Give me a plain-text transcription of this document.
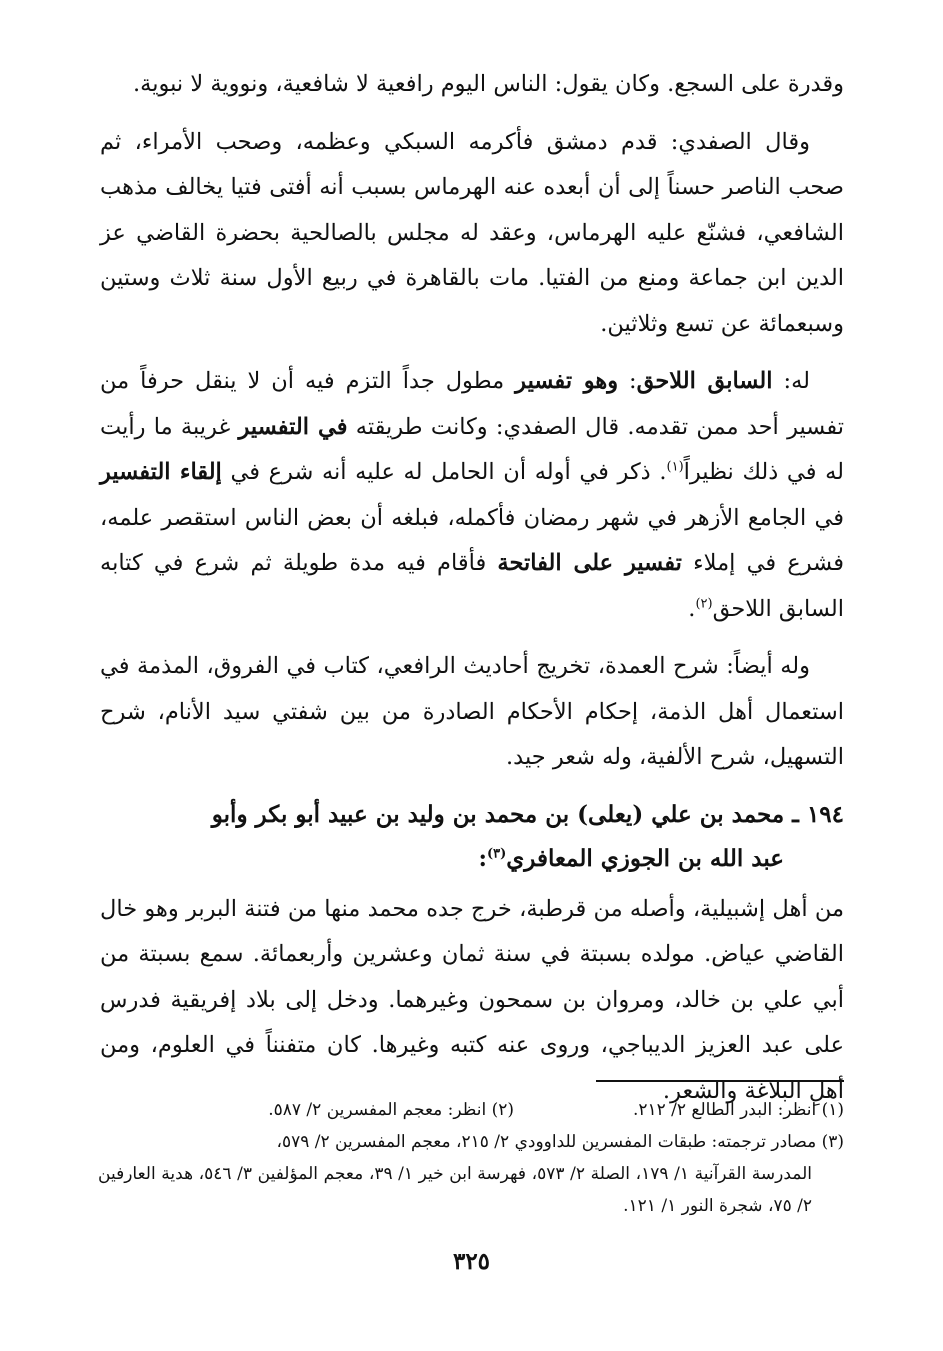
وقدرة على السجع. وكان يقول: الناس اليوم رافعية لا شافعية، ونووية لا نبوية.

وقال الصفدي: قدم دمشق فأكرمه السبكي وعظمه، وصحب الأمراء، ثم صحب الناصر حسناً إلى أن أبعده عنه الهرماس بسبب أنه أفتى فتيا يخالف مذهب الشافعي، فشنّع عليه الهرماس، وعقد له مجلس بالصالحية بحضرة القاضي عز الدين ابن جماعة ومنع من الفتيا. مات بالقاهرة في ربيع الأول سنة ثلاث وستين وسبعمائة عن تسع وثلاثين.

له: السابق اللاحق: وهو تفسير مطول جداً التزم فيه أن لا ينقل حرفاً من تفسير أحد ممن تقدمه. قال الصفدي: وكانت طريقته في التفسير غريبة ما رأيت له في ذلك نظيراً$^{(١)}$. ذكر في أوله أن الحامل له عليه أنه شرع في إلقاء التفسير في الجامع الأزهر في شهر رمضان فأكمله، فبلغه أن بعض الناس استقصر علمه، فشرع في إملاء تفسير على الفاتحة فأقام فيه مدة طويلة ثم شرع في كتابه السابق اللاحق$^{(٢)}$.

وله أيضاً: شرح العمدة، تخريج أحاديث الرافعي، كتاب في الفروق، المذمة في استعمال أهل الذمة، إحكام الأحكام الصادرة من بين شفتي سيد الأنام، شرح التسهيل، شرح الألفية، وله شعر جيد.

١٩٤ ـ محمد بن علي (يعلى) بن محمد بن وليد بن عبيد أبو بكر وأبو
عبد الله بن الجوزي المعافري$^{(٣)}$:

من أهل إشبيلية، وأصله من قرطبة، خرج جده محمد منها من فتنة البربر وهو خال القاضي عياض. مولده بسبتة في سنة ثمان وعشرين وأربعمائة. سمع بسبتة من أبي علي بن خالد، ومروان بن سمحون وغيرهما. ودخل إلى بلاد إفريقية فدرس على عبد العزيز الديباجي، وروى عنه كتبه وغيرها. كان متفنناً في العلوم، ومن أهلِ البلاغة والشعر.

(١) انظر: البدر الطالع ٢/ ٢١٢.
(٢) انظر: معجم المفسرين ٢/ ٥٨٧.
(٣) مصادر ترجمته: طبقات المفسرين للداوودي ٢/ ٢١٥، معجم المفسرين ٢/ ٥٧٩،
المدرسة القرآنية ١/ ١٧٩، الصلة ٢/ ٥٧٣، فهرسة ابن خير ١/ ٣٩، معجم المؤلفين ٣/ ٥٤٦، هدية العارفين ٢/ ٧٥، شجرة النور ١/ ١٢١.
٣٢٥
